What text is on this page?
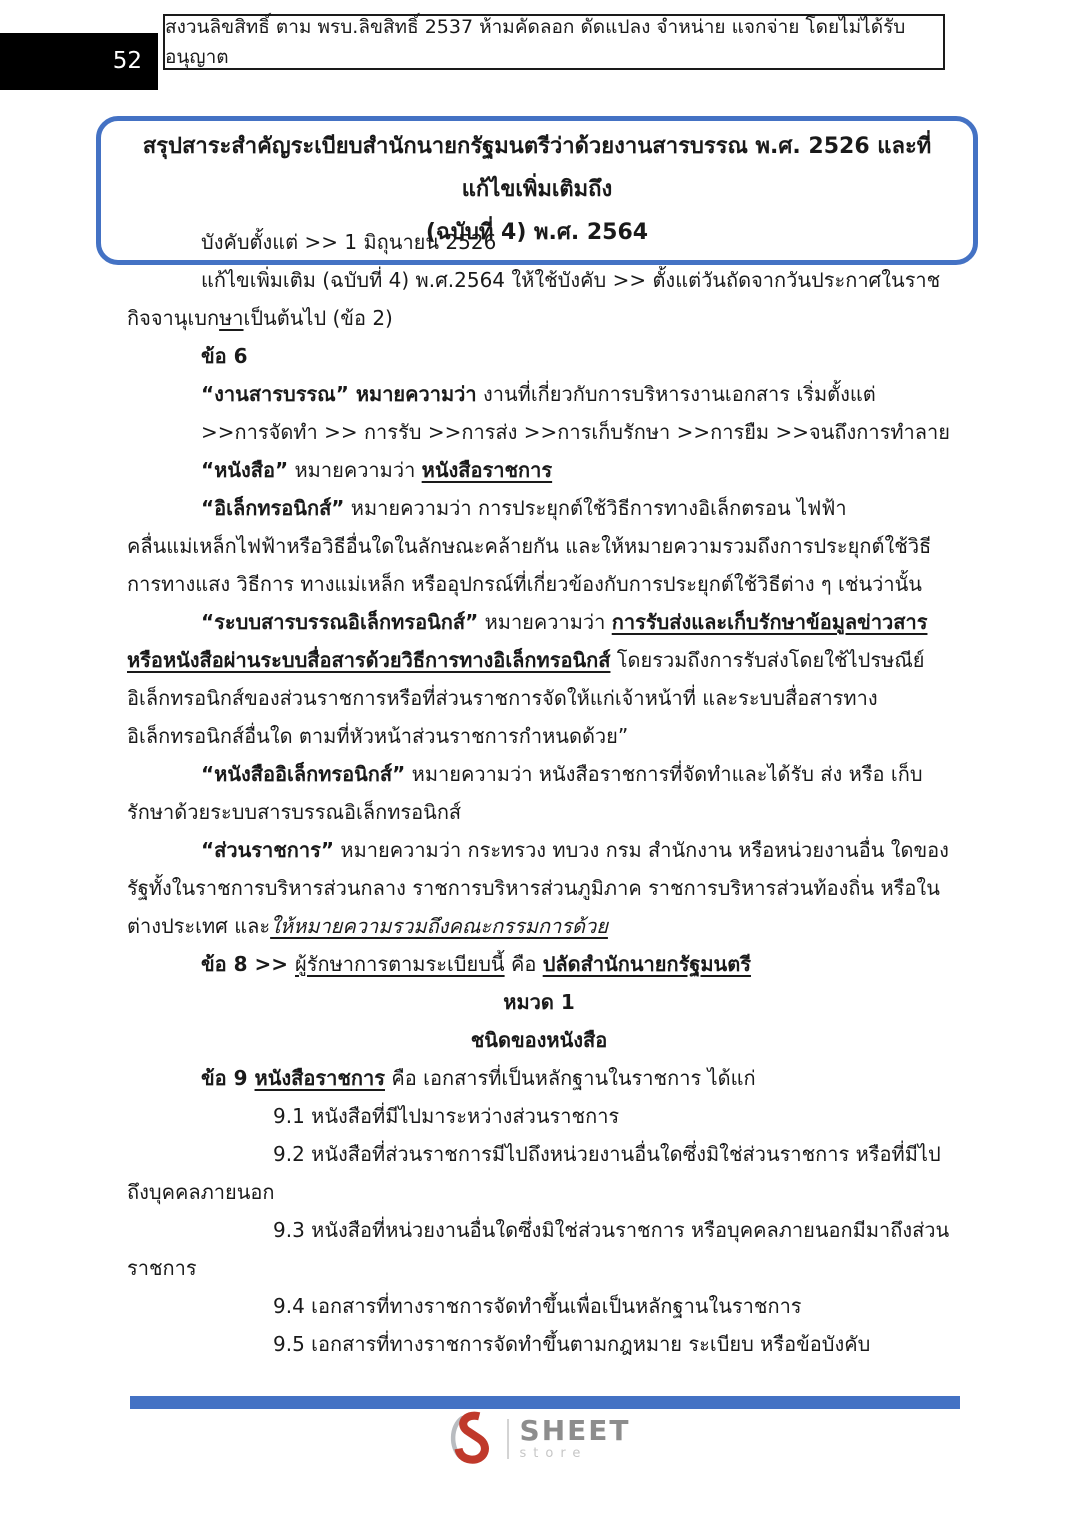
52
สงวนลิขสิทธิ์ ตาม พรบ.ลิขสิทธิ์ 2537 ห้ามคัดลอก ดัดแปลง จำหน่าย แจกจ่าย โดยไม่ได้รับอนุญาต
สรุปสาระสำคัญระเบียบสำนักนายกรัฐมนตรีว่าด้วยงานสารบรรณ พ.ศ. 2526 และที่แก้ไขเพิ่มเติมถึง
(ฉบับที่ 4) พ.ศ. 2564

บังคับตั้งแต่ >> 1 มิถุนายน 2526

แก้ไขเพิ่มเติม (ฉบับที่ 4) พ.ศ.2564 ให้ใช้บังคับ >> ตั้งแต่วันถัดจากวันประกาศในราชกิจจานุเบกษาเป็นต้นไป (ข้อ 2)

ข้อ 6

“งานสารบรรณ” หมายความว่า งานที่เกี่ยวกับการบริหารงานเอกสาร เริ่มตั้งแต่

>>การจัดทำ >> การรับ >>การส่ง >>การเก็บรักษา >>การยืม >>จนถึงการทำลาย

“หนังสือ” หมายความว่า หนังสือราชการ

“อิเล็กทรอนิกส์” หมายความว่า การประยุกต์ใช้วิธีการทางอิเล็กตรอน ไฟฟ้า คลื่นแม่เหล็กไฟฟ้าหรือวิธีอื่นใดในลักษณะคล้ายกัน และให้หมายความรวมถึงการประยุกต์ใช้วิธีการทางแสง วิธีการ ทางแม่เหล็ก หรืออุปกรณ์ที่เกี่ยวข้องกับการประยุกต์ใช้วิธีต่าง ๆ เช่นว่านั้น

“ระบบสารบรรณอิเล็กทรอนิกส์” หมายความว่า การรับส่งและเก็บรักษาข้อมูลข่าวสาร หรือหนังสือผ่านระบบสื่อสารด้วยวิธีการทางอิเล็กทรอนิกส์ โดยรวมถึงการรับส่งโดยใช้ไปรษณีย์อิเล็กทรอนิกส์ของส่วนราชการหรือที่ส่วนราชการจัดให้แก่เจ้าหน้าที่ และระบบสื่อสารทางอิเล็กทรอนิกส์อื่นใด ตามที่หัวหน้าส่วนราชการกำหนดด้วย”

“หนังสืออิเล็กทรอนิกส์” หมายความว่า หนังสือราชการที่จัดทำและได้รับ ส่ง หรือ เก็บรักษาด้วยระบบสารบรรณอิเล็กทรอนิกส์

“ส่วนราชการ” หมายความว่า กระทรวง ทบวง กรม สำนักงาน หรือหน่วยงานอื่น ใดของรัฐทั้งในราชการบริหารส่วนกลาง ราชการบริหารส่วนภูมิภาค ราชการบริหารส่วนท้องถิ่น หรือในต่างประเทศ และให้หมายความรวมถึงคณะกรรมการด้วย

ข้อ 8 >> ผู้รักษาการตามระเบียบนี้ คือ ปลัดสำนักนายกรัฐมนตรี

หมวด 1

ชนิดของหนังสือ

ข้อ 9 หนังสือราชการ คือ เอกสารที่เป็นหลักฐานในราชการ ได้แก่

9.1 หนังสือที่มีไปมาระหว่างส่วนราชการ

9.2 หนังสือที่ส่วนราชการมีไปถึงหน่วยงานอื่นใดซึ่งมิใช่ส่วนราชการ หรือที่มีไปถึงบุคคลภายนอก

9.3 หนังสือที่หน่วยงานอื่นใดซึ่งมิใช่ส่วนราชการ หรือบุคคลภายนอกมีมาถึงส่วนราชการ

9.4 เอกสารที่ทางราชการจัดทำขึ้นเพื่อเป็นหลักฐานในราชการ

9.5 เอกสารที่ทางราชการจัดทำขึ้นตามกฎหมาย ระเบียบ หรือข้อบังคับ

SHEET
store
